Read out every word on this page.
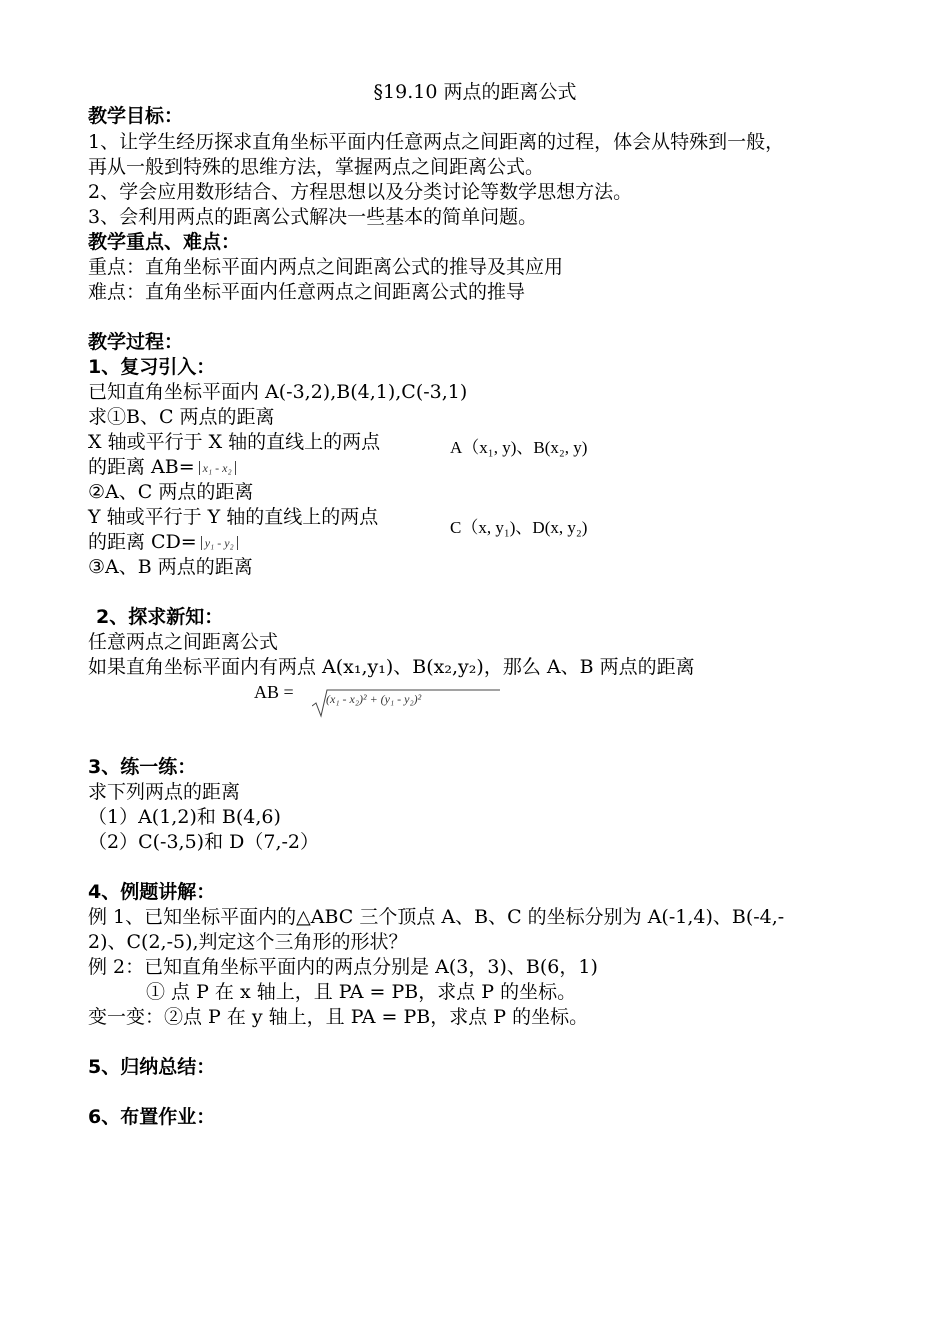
§19.10 两点的距离公式
教学目标：
1、让学生经历探求直角坐标平面内任意两点之间距离的过程，体会从特殊到一般，
再从一般到特殊的思维方法，掌握两点之间距离公式。
2、学会应用数形结合、方程思想以及分类讨论等数学思想方法。
3、会利用两点的距离公式解决一些基本的简单问题。
教学重点、难点：
重点：直角坐标平面内两点之间距离公式的推导及其应用
难点：直角坐标平面内任意两点之间距离公式的推导
教学过程：
1、复习引入：
已知直角坐标平面内 A(-3,2),B(4,1),C(-3,1)
求①B、C 两点的距离
X 轴或平行于 X 轴的直线上的两点
的距离 AB= x₁ - x₂
②A、C 两点的距离
Y 轴或平行于 Y 轴的直线上的两点
的距离 CD= y₁ - y₂
③A、B 两点的距离
A（x₁, y)、B(x₂, y)
C（x, y₁)、D(x, y₂)
2、探求新知：
任意两点之间距离公式
如果直角坐标平面内有两点 A(x₁,y₁)、B(x₂,y₂)，那么 A、B 两点的距离
AB =	(x₁ - x₂)² + (y₁ - y₂)²
3、练一练：
求下列两点的距离
（1）A(1,2)和 B(4,6)
（2）C(-3,5)和 D（7,-2）
4、例题讲解：
例 1、已知坐标平面内的△ABC 三个顶点 A、B、C 的坐标分别为 A(-1,4)、B(-4,-
2)、C(2,-5),判定这个三角形的形状？
例 2：已知直角坐标平面内的两点分别是 A(3，3)、B(6，1)
① 点 P 在 x 轴上，且 PA = PB，求点 P 的坐标。
变一变：②点 P 在 y 轴上，且 PA = PB，求点 P 的坐标。
5、归纳总结：
6、布置作业：
